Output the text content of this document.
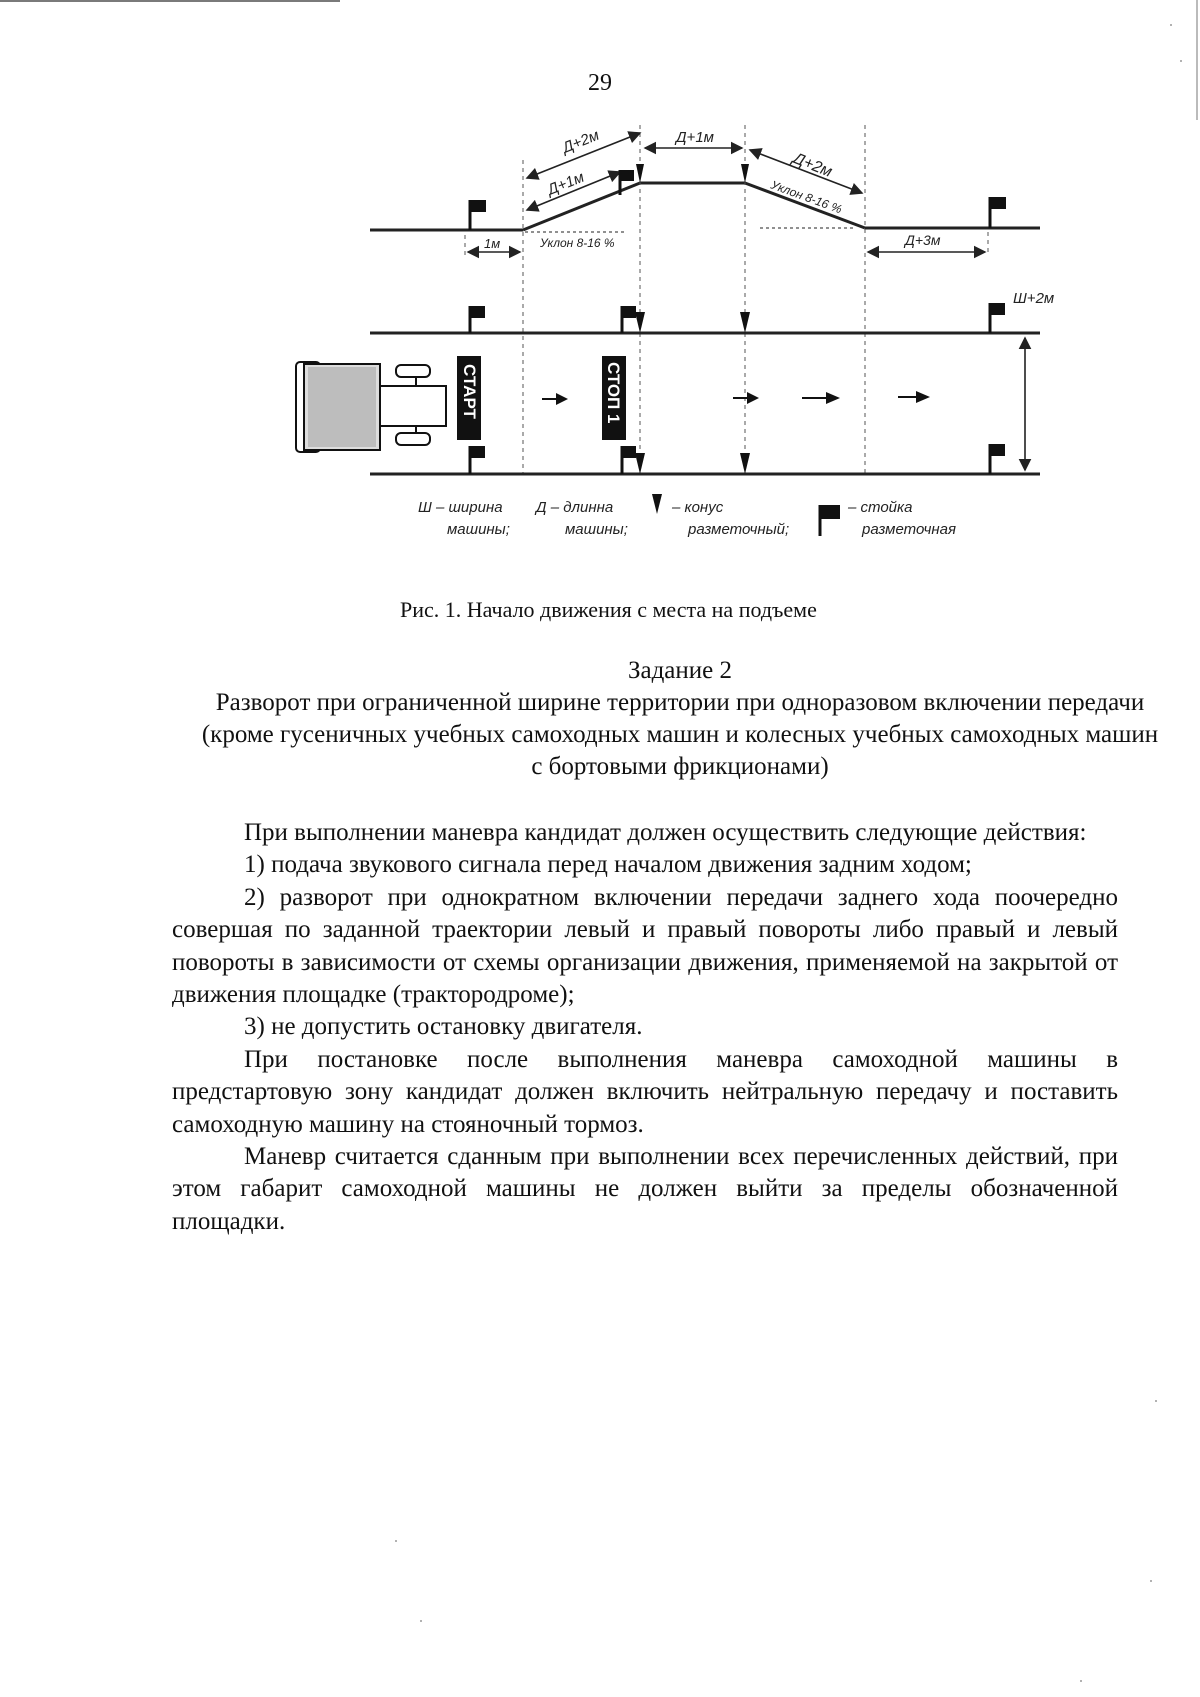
29
Д+2м
Д+1м
Д+1м
Д+2м
Уклон 8-16 %
Уклон 8-16 %
1м	Д+3м
Ш+2м
СТАРТ	СТОП 1
Ш – ширина
машины;
Д – длинна
машины;
– конус
разметочный;
– стойка
разметочная
Рис. 1. Начало движения с места на подъеме
Задание 2
Разворот при ограниченной ширине территории при одноразовом включении передачи (кроме гусеничных учебных самоходных машин и колесных учебных самоходных машин с бортовыми фрикционами)

При выполнении маневра кандидат должен осуществить следующие действия:

1) подача звукового сигнала перед началом движения задним ходом;

2) разворот при однократном включении передачи заднего хода поочередно совершая по заданной траектории левый и правый повороты либо правый и левый повороты в зависимости от схемы организации движения, применяемой на закрытой от движения площадке (трактородроме);

3) не допустить остановку двигателя.

При постановке после выполнения маневра самоходной машины в предстартовую зону кандидат должен включить нейтральную передачу и поставить самоходную машину на стояночный тормоз.

Маневр считается сданным при выполнении всех перечисленных действий, при этом габарит самоходной машины не должен выйти за пределы обозначенной площадки.
